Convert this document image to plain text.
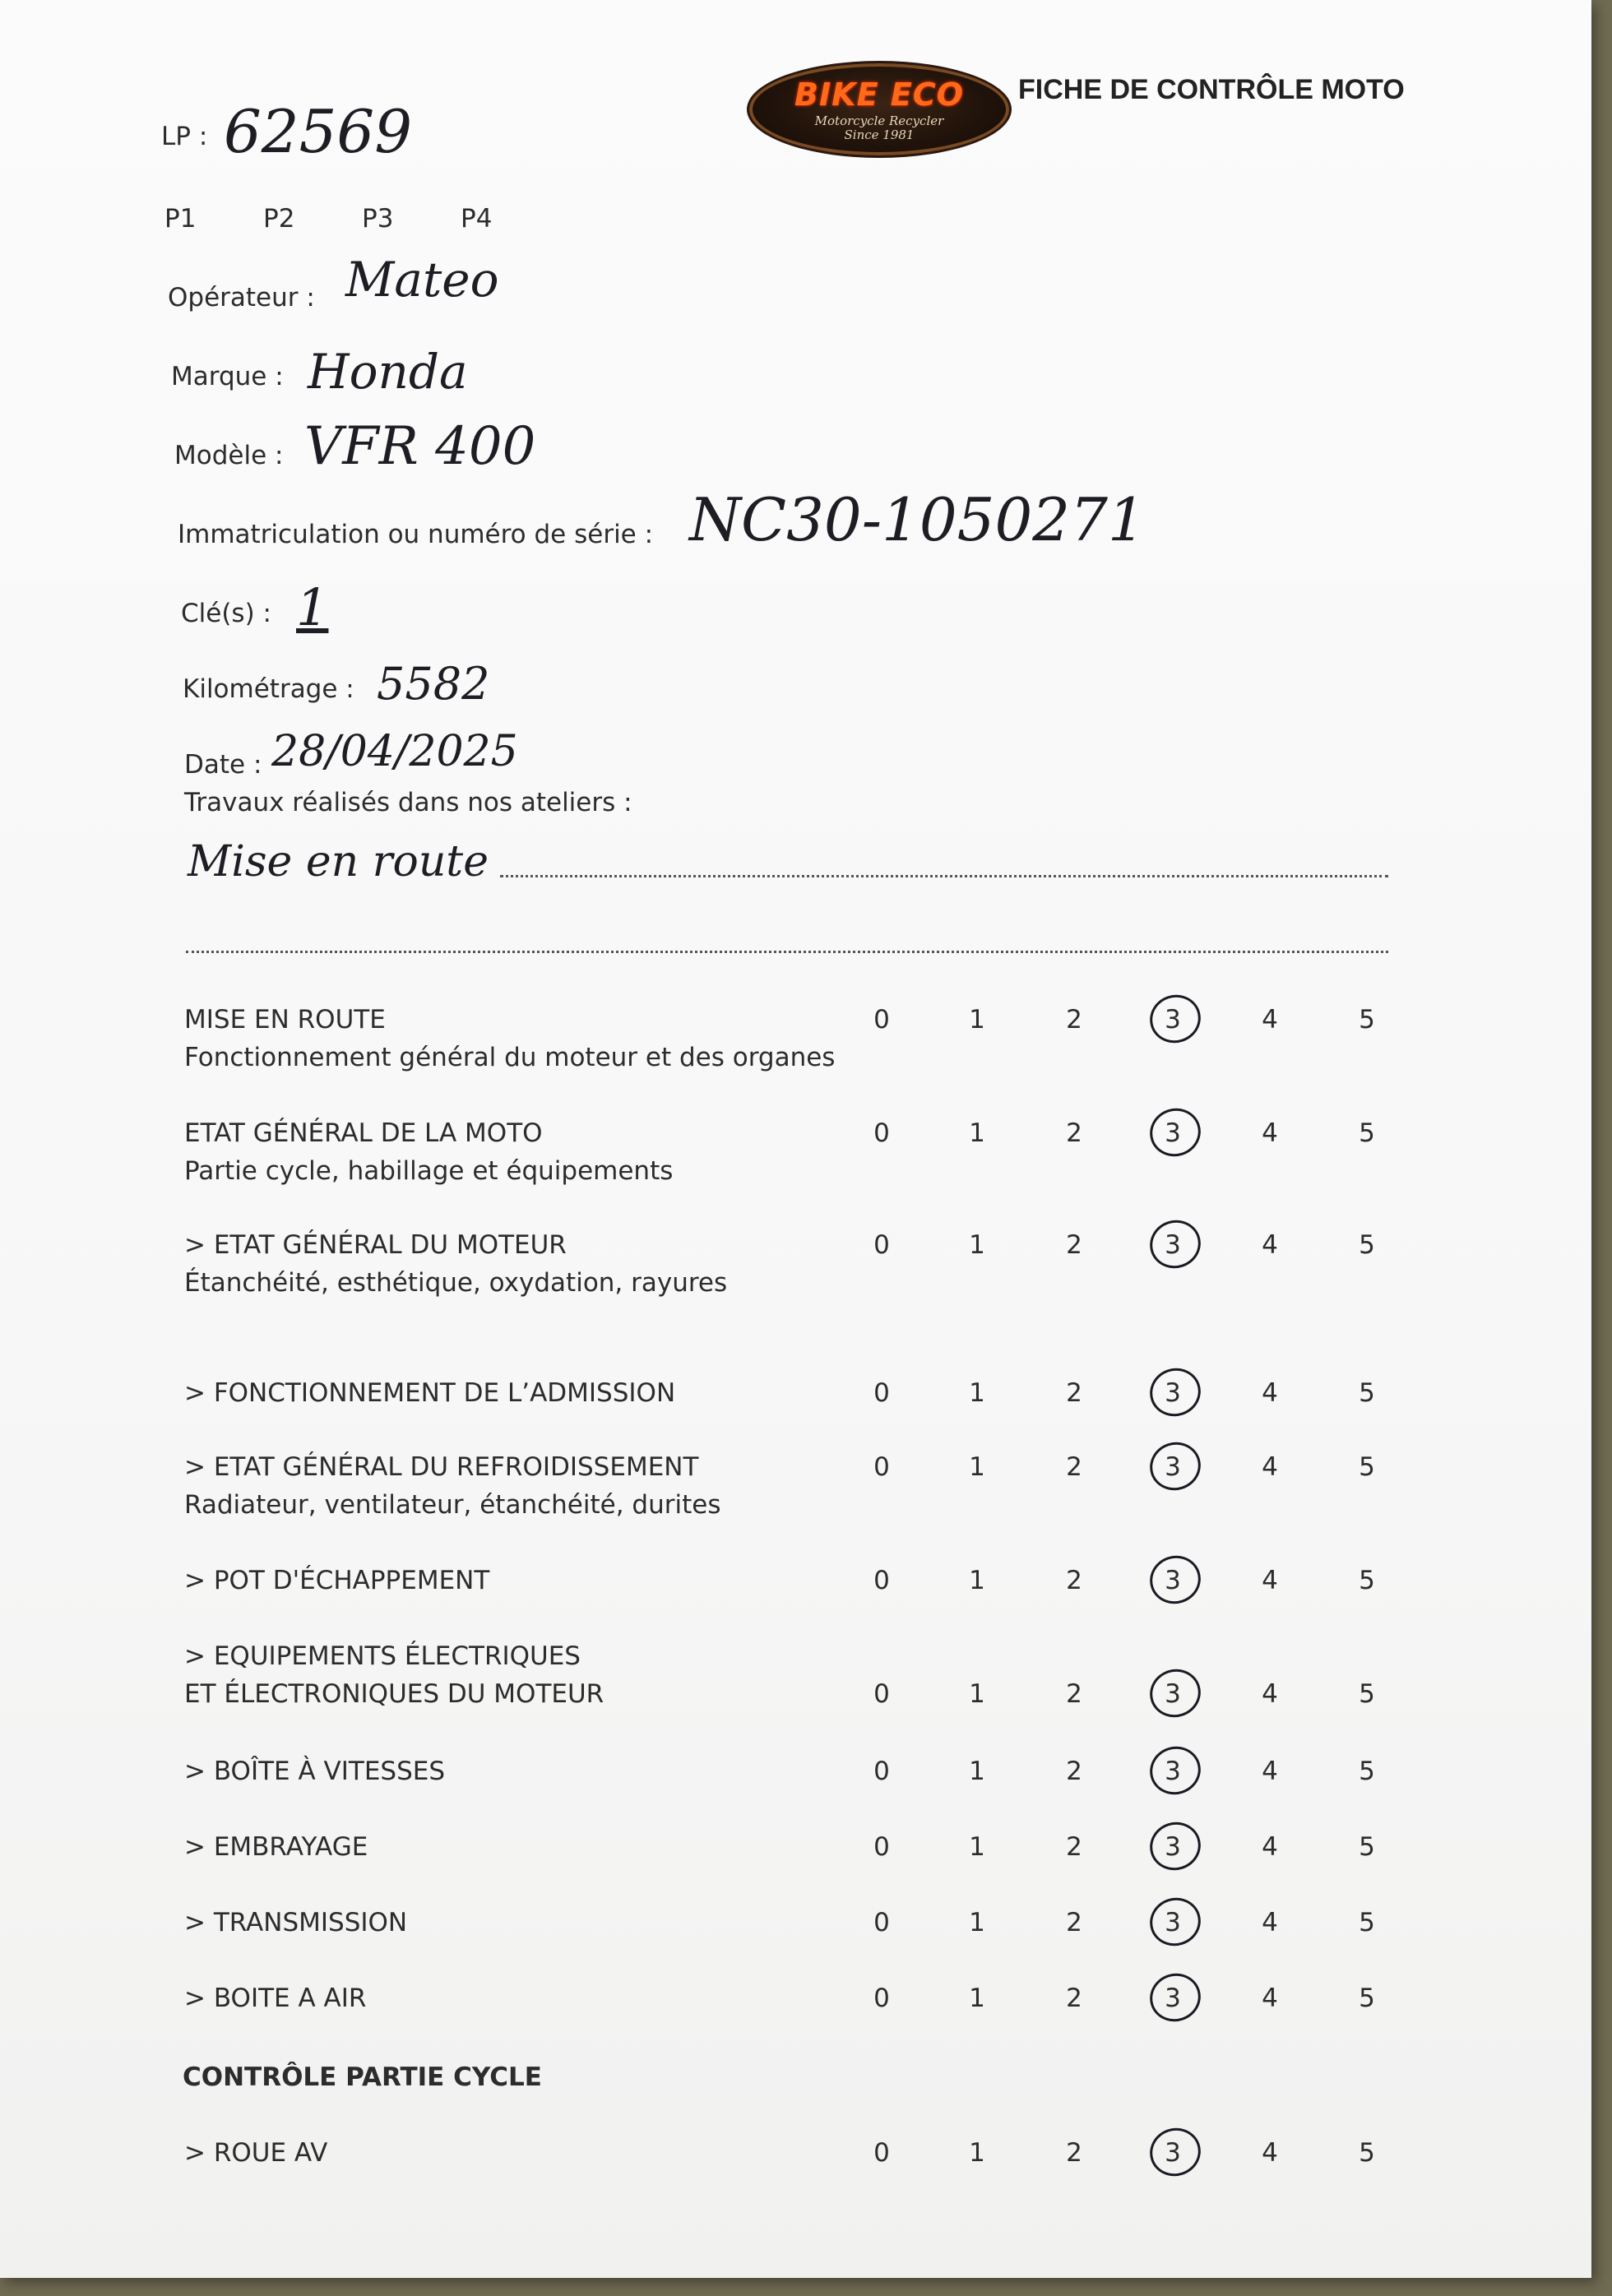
BIKE ECO
Motorcycle Recycler
Since 1981
FICHE DE CONTRÔLE MOTO
LP : 62569
P1	P2	P3	P4
Opérateur : Mateo
Marque : Honda
Modèle : VFR 400
Immatriculation ou numéro de série : NC30-1050271
Clé(s) : 1
Kilométrage : 5582
Date : 28/04/2025
Travaux réalisés dans nos ateliers :
Mise en route
MISE EN ROUTE
Fonctionnement général du moteur et des organes
0	1	2	3	4	5
ETAT GÉNÉRAL DE LA MOTO
Partie cycle, habillage et équipements
0	1	2	3	4	5
> ETAT GÉNÉRAL DU MOTEUR
Étanchéité, esthétique, oxydation, rayures
0	1	2	3	4	5
> FONCTIONNEMENT DE L’ADMISSION	0	1	2	3	4	5
> ETAT GÉNÉRAL DU REFROIDISSEMENT
Radiateur, ventilateur, étanchéité, durites
0	1	2	3	4	5
> POT D'ÉCHAPPEMENT	0	1	2	3	4	5
> EQUIPEMENTS ÉLECTRIQUES
ET ÉLECTRONIQUES DU MOTEUR	0	1	2	3	4	5
> BOÎTE À VITESSES	0	1	2	3	4	5
> EMBRAYAGE	0	1	2	3	4	5
> TRANSMISSION	0	1	2	3	4	5
> BOITE A AIR	0	1	2	3	4	5
CONTRÔLE PARTIE CYCLE
> ROUE AV	0	1	2	3	4	5
